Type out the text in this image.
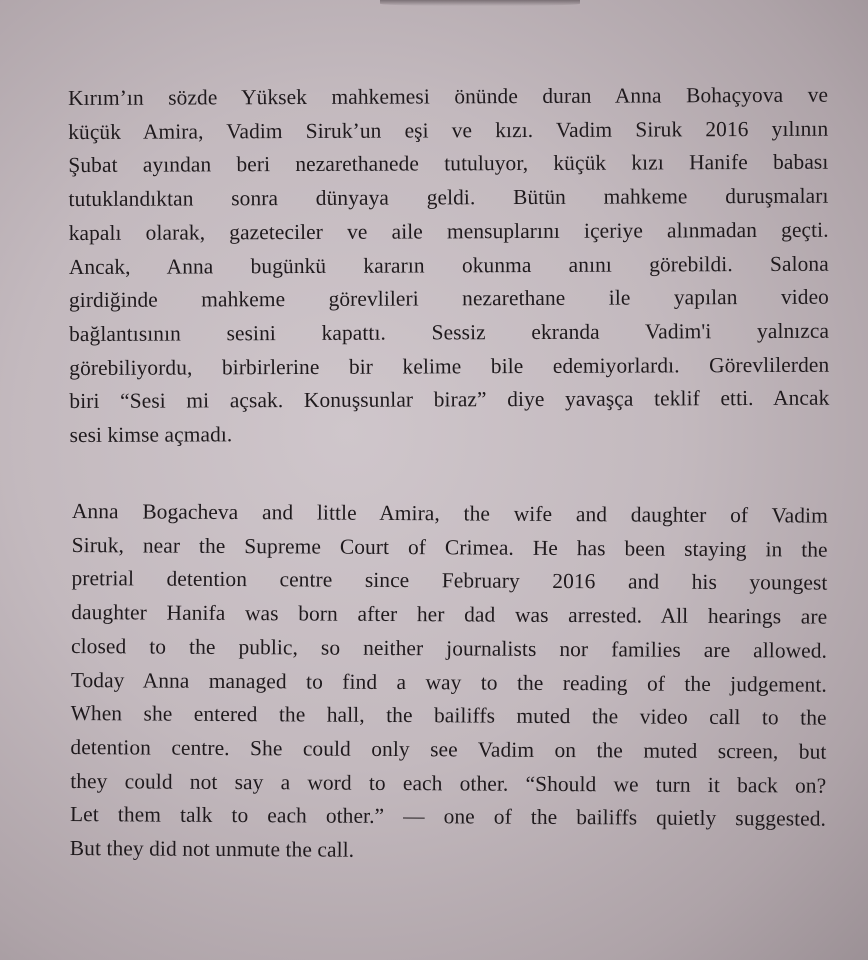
Kırım’ın sözde Yüksek mahkemesi önünde duran Anna Bohaçyova ve
küçük Amira, Vadim Siruk’un eşi ve kızı. Vadim Siruk 2016 yılının
Şubat ayından beri nezarethanede tutuluyor, küçük kızı Hanife babası
tutuklandıktan sonra dünyaya geldi. Bütün mahkeme duruşmaları
kapalı olarak, gazeteciler ve aile mensuplarını içeriye alınmadan geçti.
Ancak, Anna bugünkü kararın okunma anını görebildi. Salona
girdiğinde mahkeme görevlileri nezarethane ile yapılan video
bağlantısının sesini kapattı. Sessiz ekranda Vadim'i yalnızca
görebiliyordu, birbirlerine bir kelime bile edemiyorlardı. Görevlilerden
biri “Sesi mi açsak. Konuşsunlar biraz” diye yavaşça teklif etti. Ancak
sesi kimse açmadı.

Anna Bogacheva and little Amira, the wife and daughter of Vadim
Siruk, near the Supreme Court of Crimea. He has been staying in the
pretrial detention centre since February 2016 and his youngest
daughter Hanifa was born after her dad was arrested. All hearings are
closed to the public, so neither journalists nor families are allowed.
Today Anna managed to find a way to the reading of the judgement.
When she entered the hall, the bailiffs muted the video call to the
detention centre. She could only see Vadim on the muted screen, but
they could not say a word to each other. “Should we turn it back on?
Let them talk to each other.” — one of the bailiffs quietly suggested.
But they did not unmute the call.
